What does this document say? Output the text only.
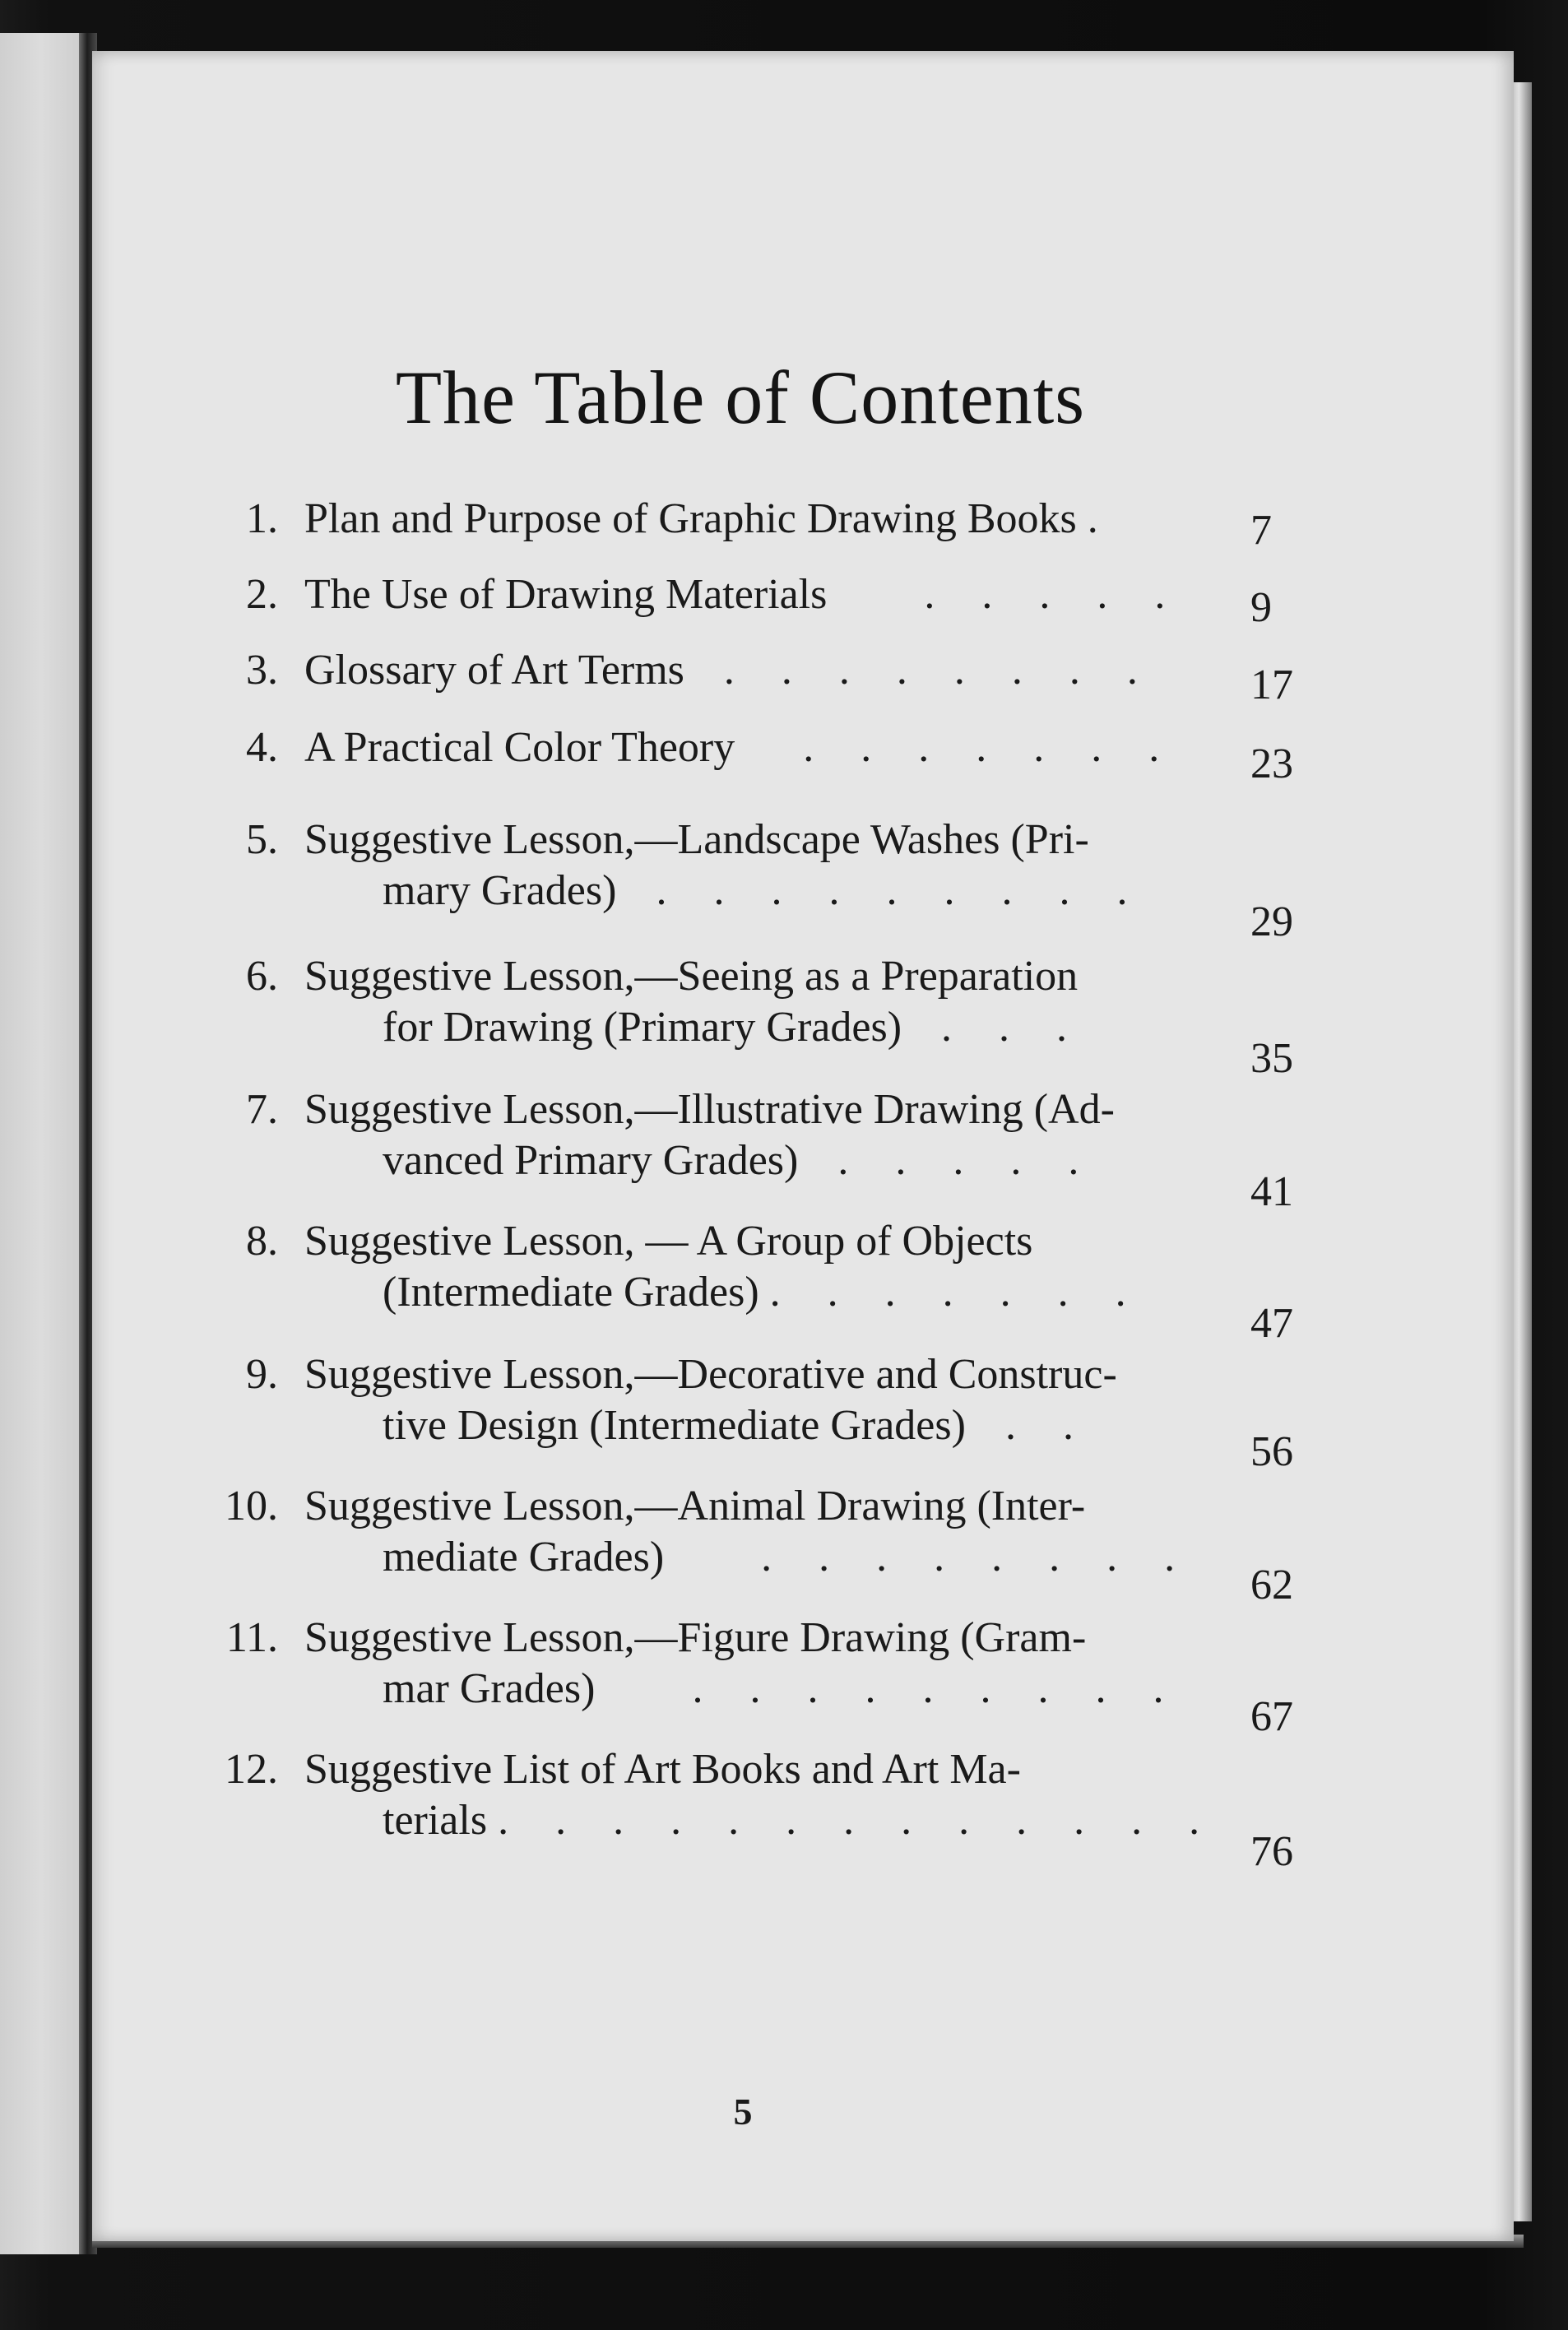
The Table of Contents
1. Plan and Purpose of Graphic Drawing Books .	7
2. The Use of Drawing Materials    . . . . .	9
3. Glossary of Art Terms  . . . . . . . .	17
4. A Practical Color Theory   . . . . . . .	23
5. Suggestive Lesson,—Landscape Washes (Pri-
mary Grades)  . . . . . . . . .
29
6. Suggestive Lesson,—Seeing as a Preparation
for Drawing (Primary Grades)  . . .
35
7. Suggestive Lesson,—Illustrative Drawing (Ad-
vanced Primary Grades)  . . . . .
41
8. Suggestive Lesson, — A Group of Objects
(Intermediate Grades) . . . . . . .
47
9. Suggestive Lesson,—Decorative and Construc-
tive Design (Intermediate Grades)  . .
56
10. Suggestive Lesson,—Animal Drawing (Inter-
mediate Grades)    . . . . . . . .
62
11. Suggestive Lesson,—Figure Drawing (Gram-
mar Grades)    . . . . . . . . .
67
12. Suggestive List of Art Books and Art Ma-
terials . . . . . . . . . . . . .
76
5
